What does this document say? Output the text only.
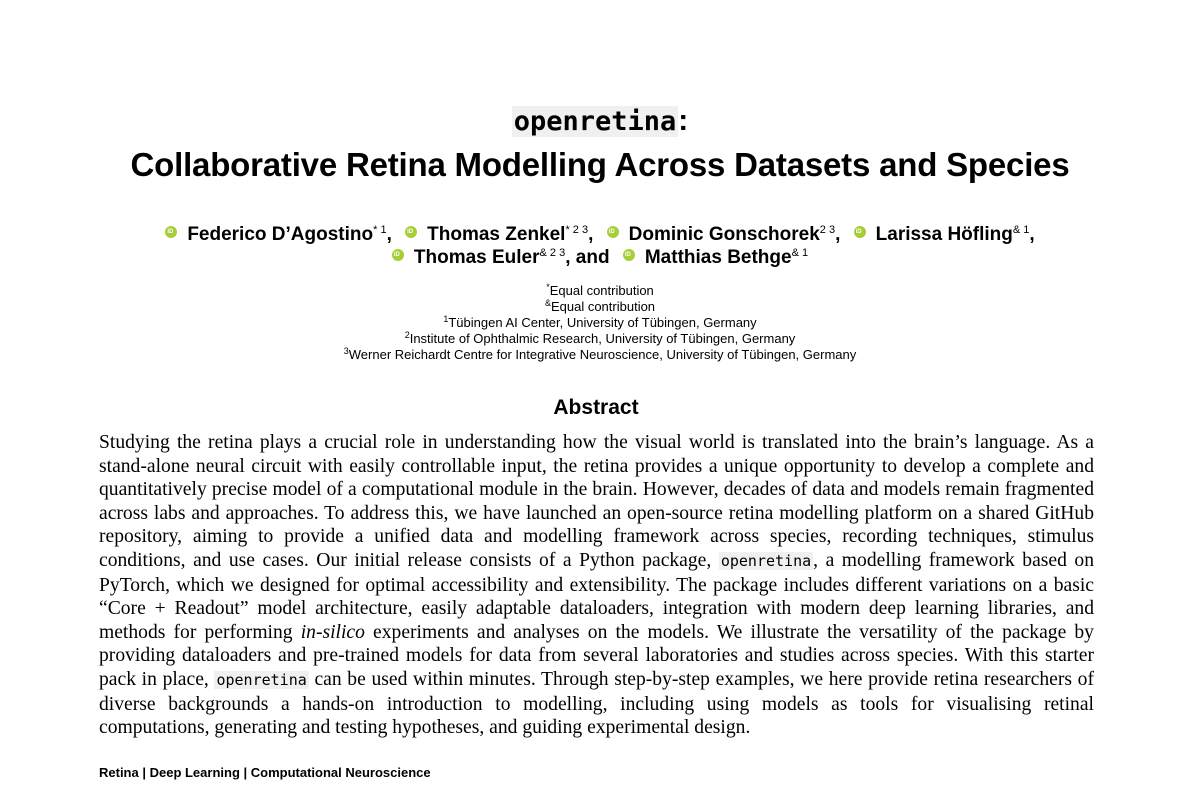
openretina:
Collaborative Retina Modelling Across Datasets and Species
iDFederico D’Agostino$^{* 1}$, iD Thomas Zenkel$^{* 2 3}$, iD Dominic Gonschorek$^{2 3}$, iD Larissa Höfling$^{\& 1}$,
iDThomas Euler$^{\& 2 3}$, and iD Matthias Bethge$^{\& 1}$
*Equal contribution
&Equal contribution
$^1$Tübingen AI Center, University of Tübingen, Germany
$^2$Institute of Ophthalmic Research, University of Tübingen, Germany
$^3$Werner Reichardt Centre for Integrative Neuroscience, University of Tübingen, Germany
Abstract
Studying the retina plays a crucial role in understanding how the visual world is translated into the brain’s language. As a stand-alone neural circuit with easily controllable input, the retina provides a unique opportunity to develop a complete and quantitatively precise model of a computational module in the brain. However, decades of data and models remain fragmented across labs and approaches. To address this, we have launched an open-source retina modelling platform on a shared GitHub repository, aiming to provide a unified data and modelling framework across species, recording techniques, stimulus conditions, and use cases. Our initial release consists of a Python package, openretina , a modelling framework based on PyTorch, which we designed for optimal accessibility and extensibility. The package includes different variations on a basic “Core + Readout” model architecture, easily adaptable dataloaders, integration with modern deep learning libraries, and methods for performing in-silico experiments and analyses on the models. We illustrate the versatility of the package by providing dataloaders and pre-trained models for data from several laboratories and studies across species. With this starter pack in place, openretina can be used within minutes. Through step-by-step examples, we here provide retina researchers of diverse backgrounds a hands-on introduction to modelling, including using models as tools for visualising retinal computations, generating and testing hypotheses, and guiding experimental design.
Retina | Deep Learning | Computational Neuroscience
